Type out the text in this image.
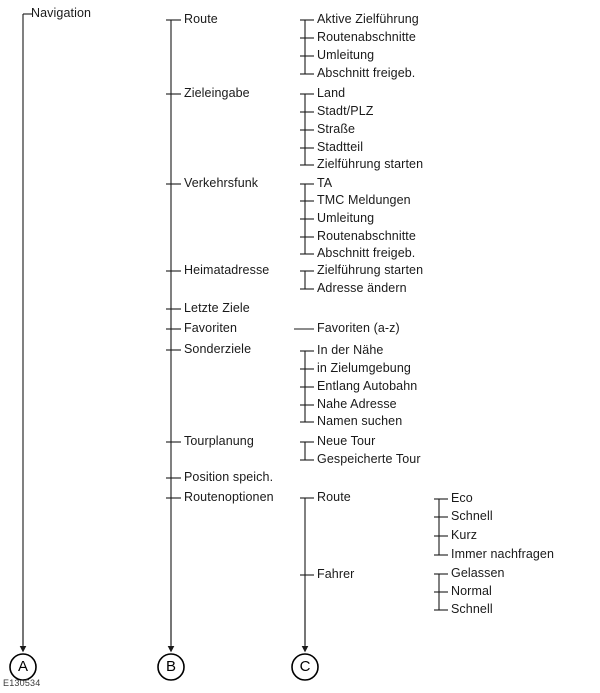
Navigation	Route
Zieleingabe
Verkehrsfunk
Heimatadresse
Letzte Ziele
Favoriten
Sonderziele
Tourplanung
Position speich.
Routenoptionen
Aktive Zielführung
Routenabschnitte
Umleitung
Abschnitt freigeb.
Land
Stadt/PLZ
Straße
Stadtteil
Zielführung starten
TA
TMC Meldungen
Umleitung
Routenabschnitte
Abschnitt freigeb.
Zielführung starten
Adresse ändern
Favoriten (a-z)
In der Nähe
in Zielumgebung
Entlang Autobahn
Nahe Adresse
Namen suchen
Neue Tour
Gespeicherte Tour
Route
Fahrer
Eco
Schnell
Kurz
Immer nachfragen
Gelassen
Normal
Schnell
A	B	C
E130534
